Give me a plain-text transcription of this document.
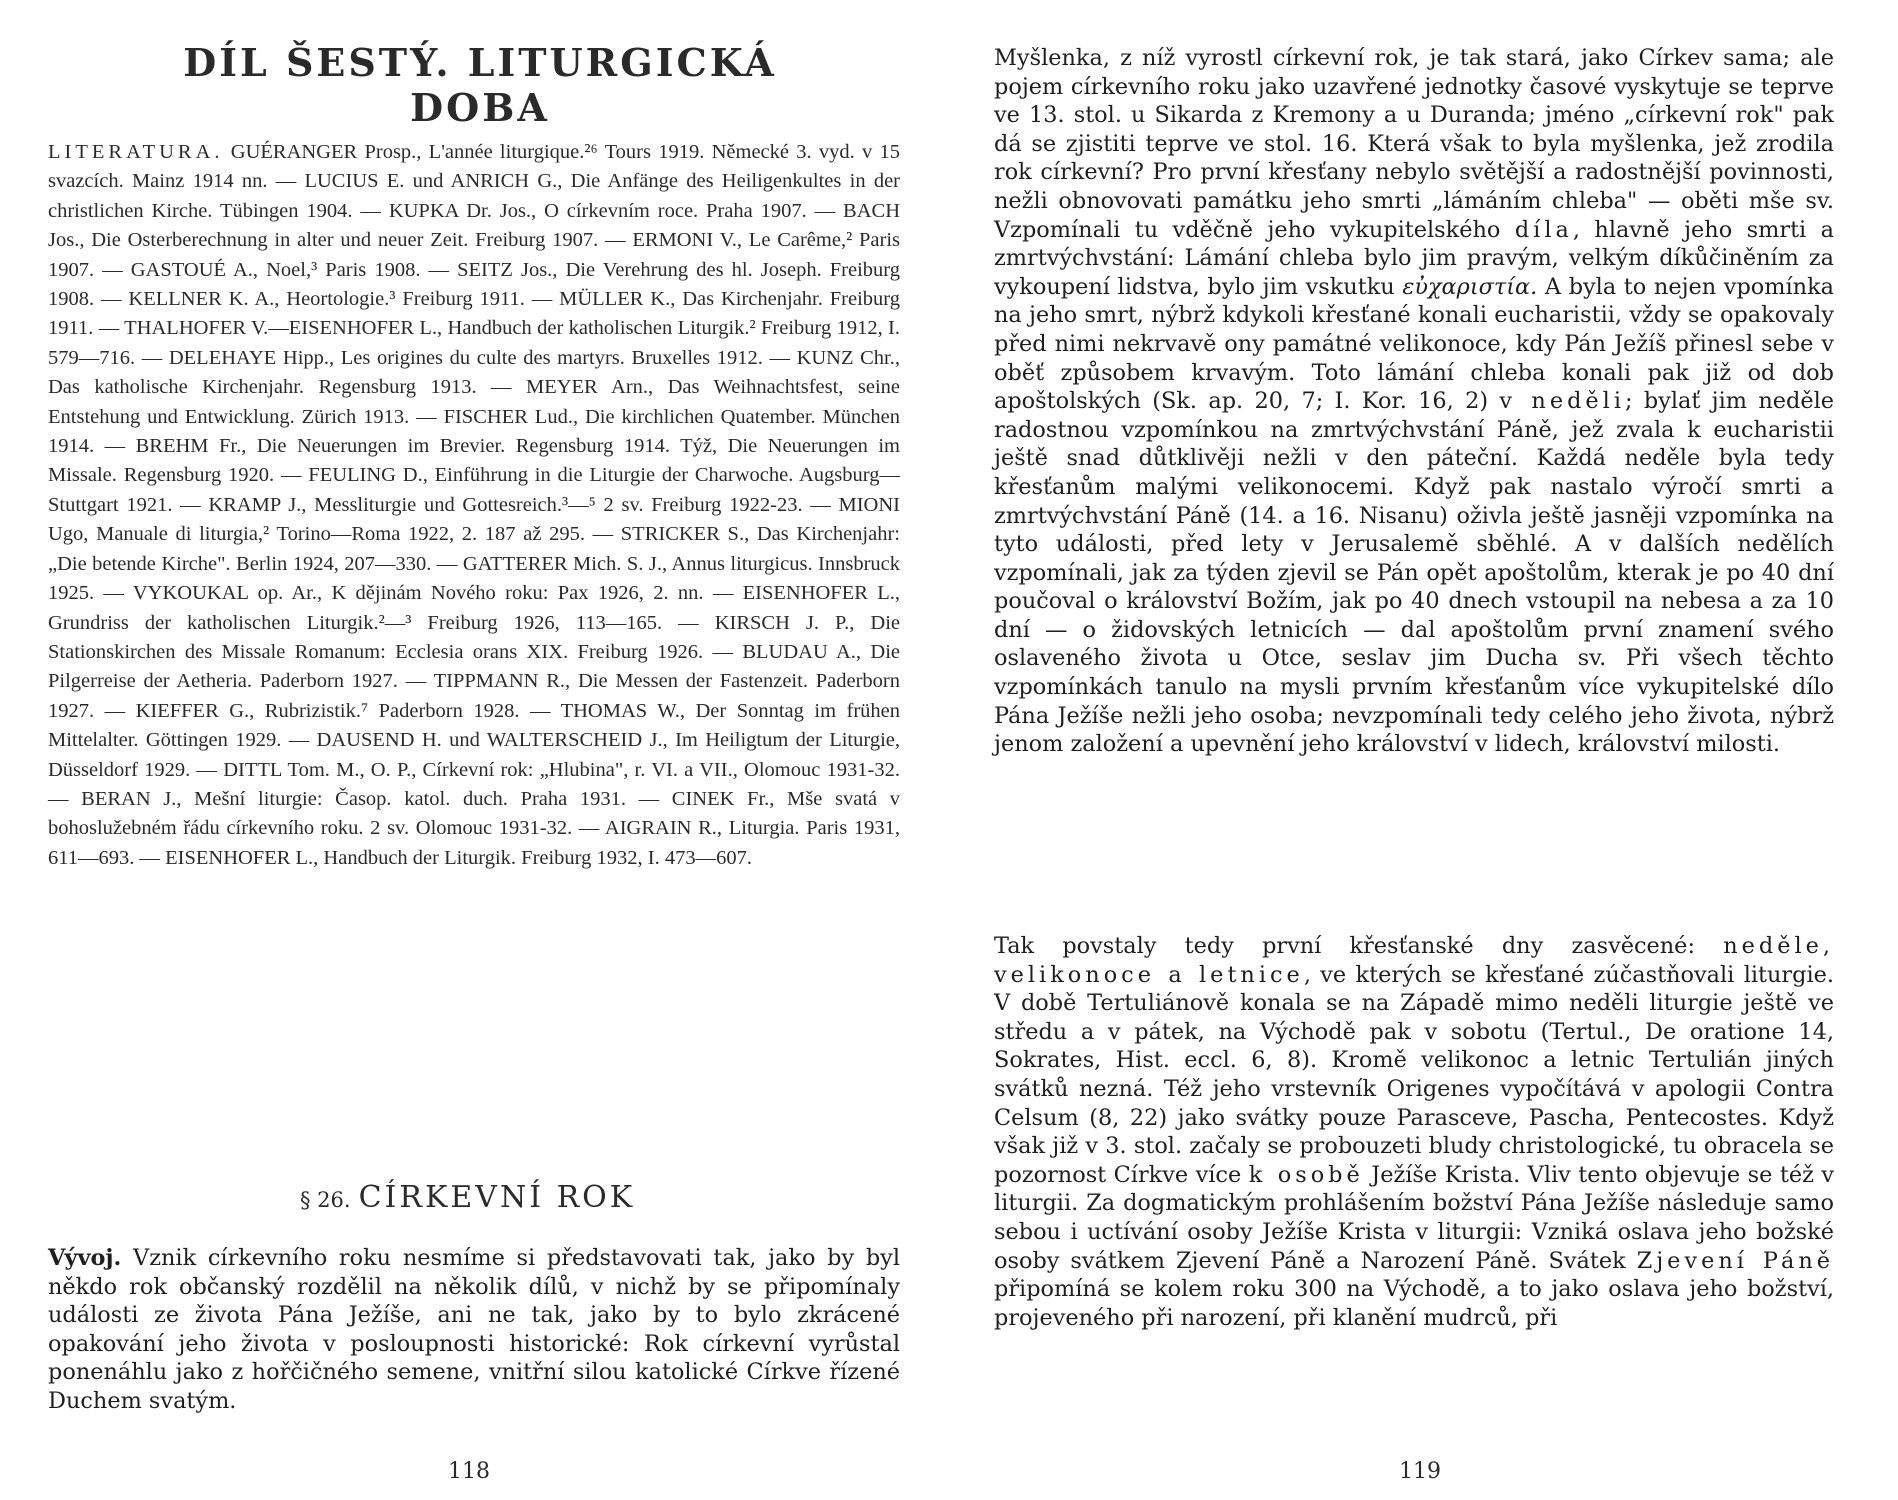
DÍL ŠESTÝ. LITURGICKÁ DOBA

LITERATURA. GUÉRANGER Prosp., L'année liturgique.²⁶ Tours 1919. Německé 3. vyd. v 15 svazcích. Mainz 1914 nn. — LUCIUS E. und ANRICH G., Die Anfänge des Heiligenkultes in der christlichen Kirche. Tübingen 1904. — KUPKA Dr. Jos., O církevním roce. Praha 1907. — BACH Jos., Die Osterberechnung in alter und neuer Zeit. Freiburg 1907. — ERMONI V., Le Carême,² Paris 1907. — GASTOUÉ A., Noel,³ Paris 1908. — SEITZ Jos., Die Verehrung des hl. Joseph. Freiburg 1908. — KELLNER K. A., Heortologie.³ Freiburg 1911. — MÜLLER K., Das Kirchenjahr. Freiburg 1911. — THALHOFER V.—EISENHOFER L., Handbuch der katholischen Liturgik.² Freiburg 1912, I. 579—716. — DELEHAYE Hipp., Les origines du culte des martyrs. Bruxelles 1912. — KUNZ Chr., Das katholische Kirchenjahr. Regensburg 1913. — MEYER Arn., Das Weihnachtsfest, seine Entstehung und Entwicklung. Zürich 1913. — FISCHER Lud., Die kirchlichen Quatember. München 1914. — BREHM Fr., Die Neuerungen im Brevier. Regensburg 1914. Týž, Die Neuerungen im Missale. Regensburg 1920. — FEULING D., Einführung in die Liturgie der Charwoche. Augsburg—Stuttgart 1921. — KRAMP J., Messliturgie und Gottesreich.³—⁵ 2 sv. Freiburg 1922-23. — MIONI Ugo, Manuale di liturgia,² Torino—Roma 1922, 2. 187 až 295. — STRICKER S., Das Kirchenjahr: „Die betende Kirche". Berlin 1924, 207—330. — GATTERER Mich. S. J., Annus liturgicus. Innsbruck 1925. — VYKOUKAL op. Ar., K dějinám Nového roku: Pax 1926, 2. nn. — EISENHOFER L., Grundriss der katholischen Liturgik.²—³ Freiburg 1926, 113—165. — KIRSCH J. P., Die Stationskirchen des Missale Romanum: Ecclesia orans XIX. Freiburg 1926. — BLUDAU A., Die Pilgerreise der Aetheria. Paderborn 1927. — TIPPMANN R., Die Messen der Fastenzeit. Paderborn 1927. — KIEFFER G., Rubrizistik.⁷ Paderborn 1928. — THOMAS W., Der Sonntag im frühen Mittelalter. Göttingen 1929. — DAUSEND H. und WALTERSCHEID J., Im Heiligtum der Liturgie, Düsseldorf 1929. — DITTL Tom. M., O. P., Církevní rok: „Hlubina", r. VI. a VII., Olomouc 1931-32. — BERAN J., Mešní liturgie: Časop. katol. duch. Praha 1931. — CINEK Fr., Mše svatá v bohoslužebném řádu církevního roku. 2 sv. Olomouc 1931-32. — AIGRAIN R., Liturgia. Paris 1931, 611—693. — EISENHOFER L., Handbuch der Liturgik. Freiburg 1932, I. 473—607.

§ 26. CÍRKEVNÍ ROK

Vývoj. Vznik církevního roku nesmíme si představovati tak, jako by byl někdo rok občanský rozdělil na několik dílů, v nichž by se připomínaly události ze života Pána Ježíše, ani ne tak, jako by to bylo zkrácené opakování jeho života v posloupnosti historické: Rok církevní vyrůstal ponenáhlu jako z hořčičného semene, vnitřní silou katolické Církve řízené Duchem svatým.

118

Myšlenka, z níž vyrostl církevní rok, je tak stará, jako Církev sama; ale pojem církevního roku jako uzavřené jednotky časové vyskytuje se teprve ve 13. stol. u Sikarda z Kremony a u Duranda; jméno „církevní rok" pak dá se zjistiti teprve ve stol. 16. Která však to byla myšlenka, jež zrodila rok církevní? Pro první křesťany nebylo světější a radostnější povinnosti, nežli obnovovati památku jeho smrti „lámáním chleba" — oběti mše sv. Vzpomínali tu vděčně jeho vykupitelského díla, hlavně jeho smrti a zmrtvýchvstání: Lámání chleba bylo jim pravým, velkým díkůčiněním za vykoupení lidstva, bylo jim vskutku εὐχαριστία. A byla to nejen vpomínka na jeho smrt, nýbrž kdykoli křesťané konali eucharistii, vždy se opakovaly před nimi nekrvavě ony památné velikonoce, kdy Pán Ježíš přinesl sebe v oběť způsobem krvavým. Toto lámání chleba konali pak již od dob apoštolských (Sk. ap. 20, 7; I. Kor. 16, 2) v neděli; bylať jim neděle radostnou vzpomínkou na zmrtvýchvstání Páně, jež zvala k eucharistii ještě snad důtklivěji nežli v den páteční. Každá neděle byla tedy křesťanům malými velikonocemi. Když pak nastalo výročí smrti a zmrtvýchvstání Páně (14. a 16. Nisanu) oživla ještě jasněji vzpomínka na tyto události, před lety v Jerusalemě sběhlé. A v dalších nedělích vzpomínali, jak za týden zjevil se Pán opět apoštolům, kterak je po 40 dní poučoval o království Božím, jak po 40 dnech vstoupil na nebesa a za 10 dní — o židovských letnicích — dal apoštolům první znamení svého oslaveného života u Otce, seslav jim Ducha sv. Při všech těchto vzpomínkách tanulo na mysli prvním křesťanům více vykupitelské dílo Pána Ježíše nežli jeho osoba; nevzpomínali tedy celého jeho života, nýbrž jenom založení a upevnění jeho království v lidech, království milosti.

Tak povstaly tedy první křesťanské dny zasvěcené: neděle, velikonoce a letnice, ve kterých se křesťané zúčastňovali liturgie. V době Tertuliánově konala se na Západě mimo neděli liturgie ještě ve středu a v pátek, na Východě pak v sobotu (Tertul., De oratione 14, Sokrates, Hist. eccl. 6, 8). Kromě velikonoc a letnic Tertulián jiných svátků nezná. Též jeho vrstevník Origenes vypočítává v apologii Contra Celsum (8, 22) jako svátky pouze Parasceve, Pascha, Pentecostes. Když však již v 3. stol. začaly se probouzeti bludy christologické, tu obracela se pozornost Církve více k osobě Ježíše Krista. Vliv tento objevuje se též v liturgii. Za dogmatickým prohlášením božství Pána Ježíše následuje samo sebou i uctívání osoby Ježíše Krista v liturgii: Vzniká oslava jeho božské osoby svátkem Zjevení Páně a Narození Páně. Svátek Zjevení Páně připomíná se kolem roku 300 na Východě, a to jako oslava jeho božství, projeveného při narození, při klanění mudrců, při

119
